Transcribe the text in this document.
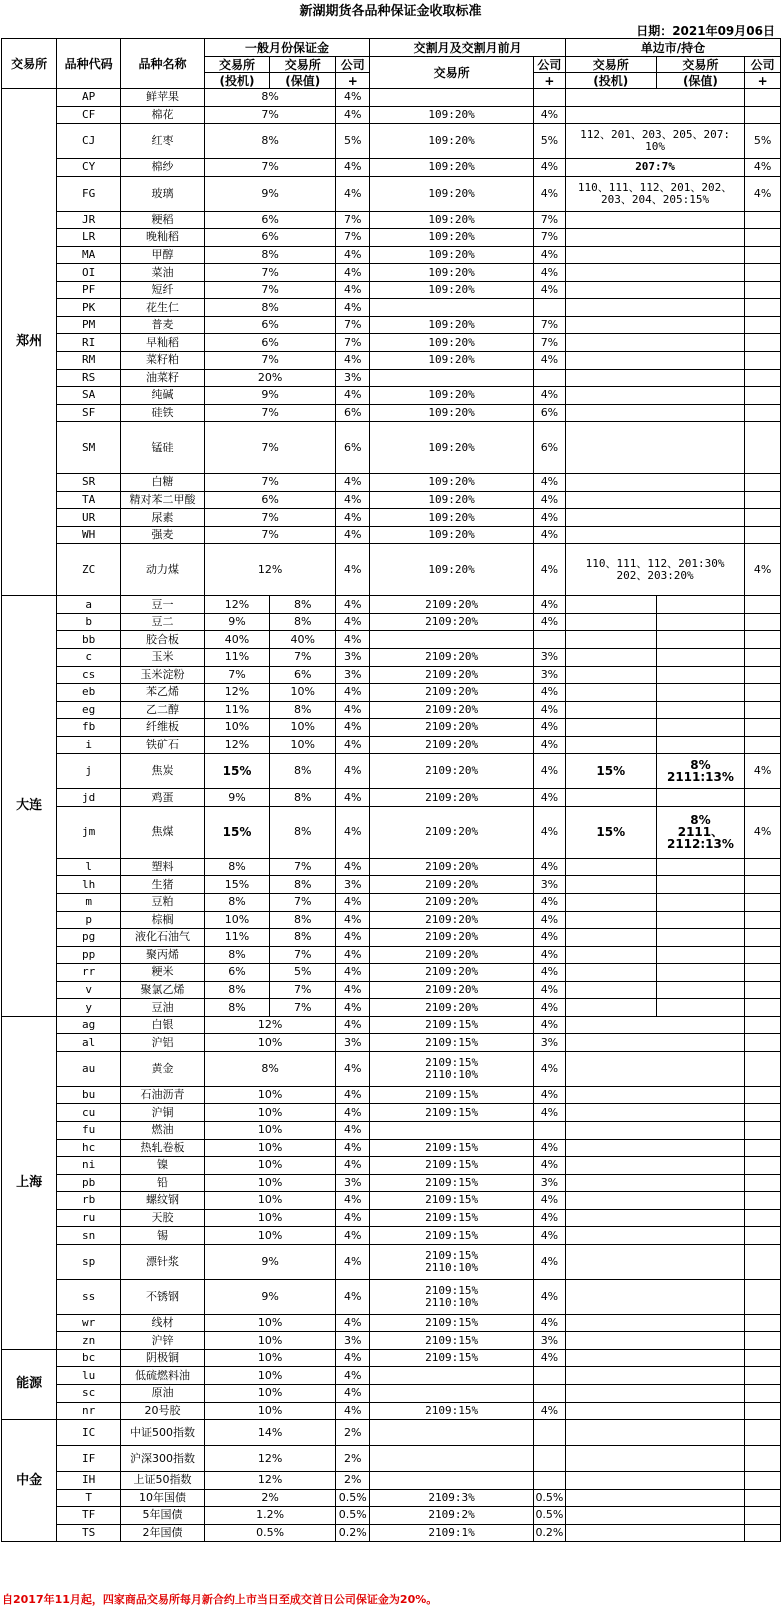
新湖期货各品种保证金收取标准
日期：2021年09月06日
交易所	品种代码	品种名称	一般月份保证金			交割月及交割月前月		单边市/持仓		
			交易所	交易所	公司	交易所	公司	交易所	交易所	公司
			(投机)	(保值)	+		+	(投机)	(保值)	+
郑州	AP	鲜苹果	8%		4%					
	CF	棉花	7%		4%	109:20%	4%			
	CJ	红枣	8%		5%	109:20%	5%	112、201、203、205、207:
10%		5%
	CY	棉纱	7%		4%	109:20%	4%	207:7%		4%
	FG	玻璃	9%		4%	109:20%	4%	110、111、112、201、202、
203、204、205:15%		4%
	JR	粳稻	6%		7%	109:20%	7%			
	LR	晚籼稻	6%		7%	109:20%	7%			
	MA	甲醇	8%		4%	109:20%	4%			
	OI	菜油	7%		4%	109:20%	4%			
	PF	短纤	7%		4%	109:20%	4%			
	PK	花生仁	8%		4%					
	PM	普麦	6%		7%	109:20%	7%			
	RI	早籼稻	6%		7%	109:20%	7%			
	RM	菜籽粕	7%		4%	109:20%	4%			
	RS	油菜籽	20%		3%					
	SA	纯碱	9%		4%	109:20%	4%			
	SF	硅铁	7%		6%	109:20%	6%			
	SM	锰硅	7%		6%	109:20%	6%			
	SR	白糖	7%		4%	109:20%	4%			
	TA	精对苯二甲酸	6%		4%	109:20%	4%			
	UR	尿素	7%		4%	109:20%	4%			
	WH	强麦	7%		4%	109:20%	4%			
	ZC	动力煤	12%		4%	109:20%	4%	110、111、112、201:30%
202、203:20%		4%
大连	a	豆一	12%	8%	4%	2109:20%	4%			
	b	豆二	9%	8%	4%	2109:20%	4%			
	bb	胶合板	40%	40%	4%					
	c	玉米	11%	7%	3%	2109:20%	3%			
	cs	玉米淀粉	7%	6%	3%	2109:20%	3%			
	eb	苯乙烯	12%	10%	4%	2109:20%	4%			
	eg	乙二醇	11%	8%	4%	2109:20%	4%			
	fb	纤维板	10%	10%	4%	2109:20%	4%			
	i	铁矿石	12%	10%	4%	2109:20%	4%			
	j	焦炭	15%	8%	4%	2109:20%	4%	15%	8%
2111:13%	4%
	jd	鸡蛋	9%	8%	4%	2109:20%	4%			
	jm	焦煤	15%	8%	4%	2109:20%	4%	15%	8%
2111、
2112:13%	4%
	l	塑料	8%	7%	4%	2109:20%	4%			
	lh	生猪	15%	8%	3%	2109:20%	3%			
	m	豆粕	8%	7%	4%	2109:20%	4%			
	p	棕榈	10%	8%	4%	2109:20%	4%			
	pg	液化石油气	11%	8%	4%	2109:20%	4%			
	pp	聚丙烯	8%	7%	4%	2109:20%	4%			
	rr	粳米	6%	5%	4%	2109:20%	4%			
	v	聚氯乙烯	8%	7%	4%	2109:20%	4%			
	y	豆油	8%	7%	4%	2109:20%	4%			
上海	ag	白银	12%		4%	2109:15%	4%			
	al	沪铝	10%		3%	2109:15%	3%			
	au	黄金	8%		4%	2109:15%
2110:10%	4%			
	bu	石油沥青	10%		4%	2109:15%	4%			
	cu	沪铜	10%		4%	2109:15%	4%			
	fu	燃油	10%		4%					
	hc	热轧卷板	10%		4%	2109:15%	4%			
	ni	镍	10%		4%	2109:15%	4%			
	pb	铅	10%		3%	2109:15%	3%			
	rb	螺纹钢	10%		4%	2109:15%	4%			
	ru	天胶	10%		4%	2109:15%	4%			
	sn	锡	10%		4%	2109:15%	4%			
	sp	漂针浆	9%		4%	2109:15%
2110:10%	4%			
	ss	不锈钢	9%		4%	2109:15%
2110:10%	4%			
	wr	线材	10%		4%	2109:15%	4%			
	zn	沪锌	10%		3%	2109:15%	3%			
能源	bc	阴极铜	10%		4%	2109:15%	4%			
	lu	低硫燃料油	10%		4%					
	sc	原油	10%		4%					
	nr	20号胶	10%		4%	2109:15%	4%			
中金	IC	中证500指数	14%		2%					
	IF	沪深300指数	12%		2%					
	IH	上证50指数	12%		2%					
	T	10年国债	2%		0.5%	2109:3%	0.5%			
	TF	5年国债	1.2%		0.5%	2109:2%	0.5%			
	TS	2年国债	0.5%		0.2%	2109:1%	0.2%			
自2017年11月起，四家商品交易所每月新合约上市当日至成交首日公司保证金为20%。
